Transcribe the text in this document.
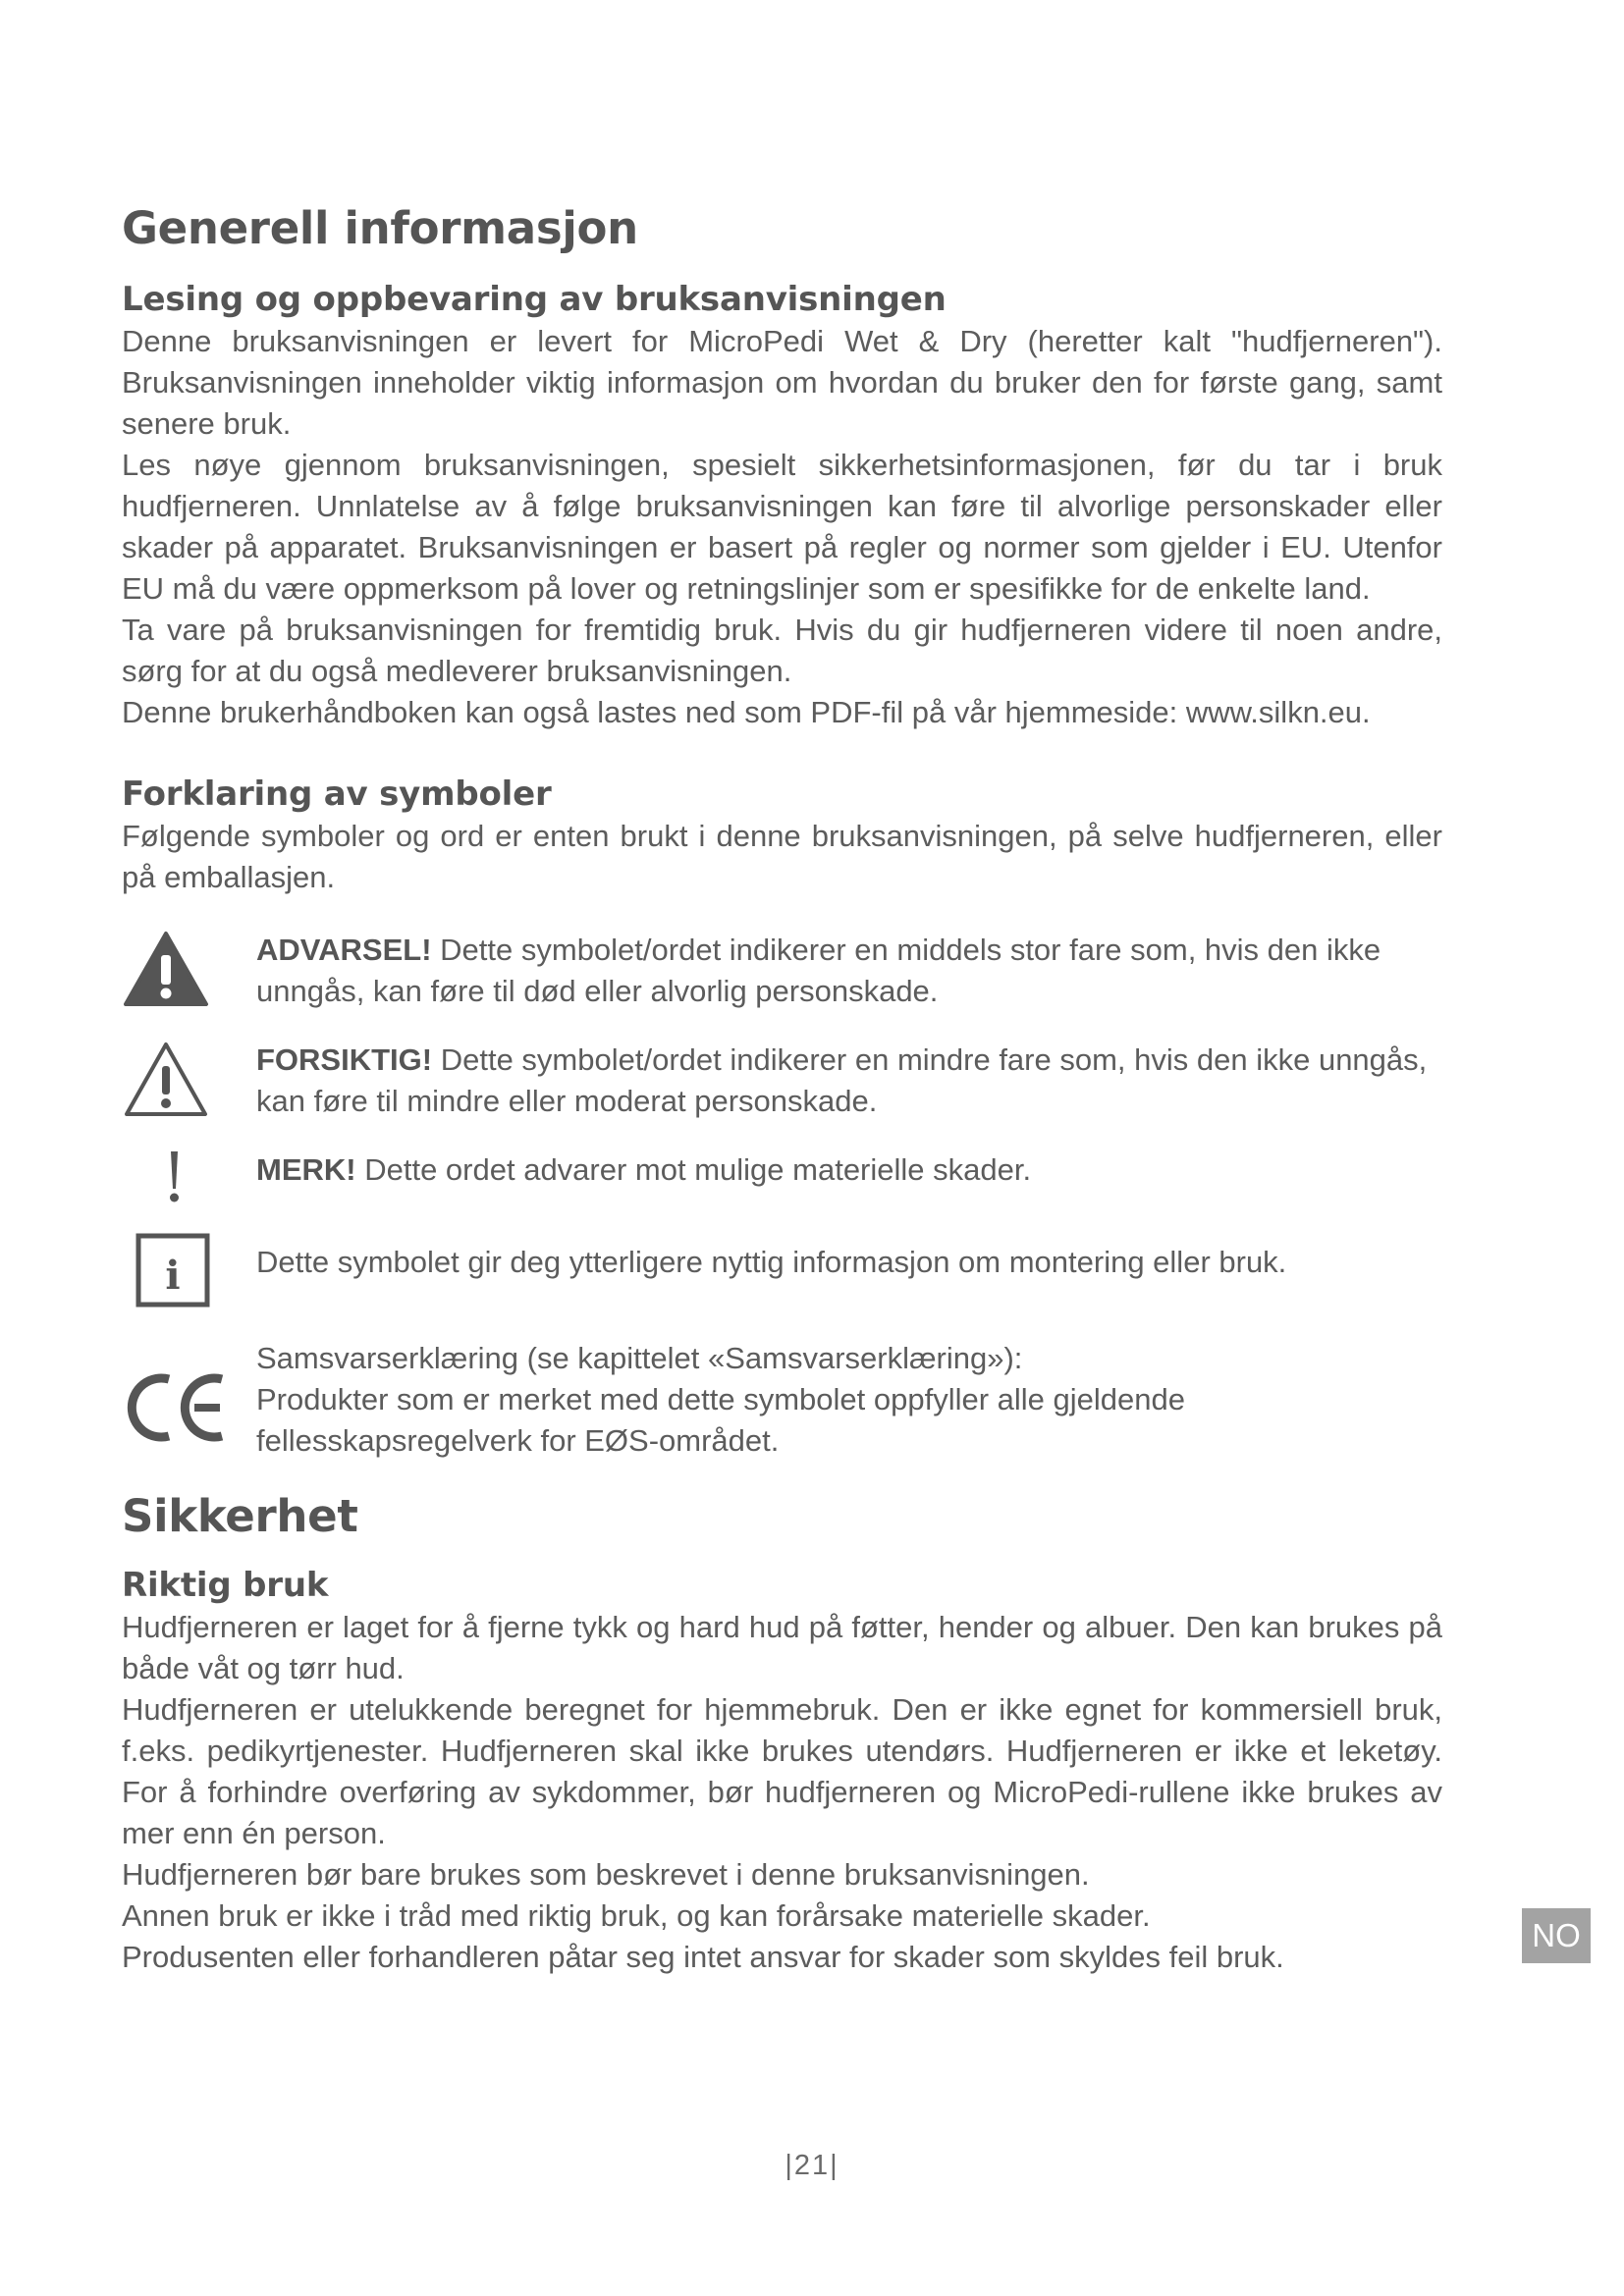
Generell informasjon
Lesing og oppbevaring av bruksanvisningen

Denne bruksanvisningen er levert for MicroPedi Wet & Dry (heretter kalt "hudfjerneren"). Bruksanvisningen inneholder viktig informasjon om hvordan du bruker den for første gang, samt senere bruk.

Les nøye gjennom bruksanvisningen, spesielt sikkerhetsinformasjonen, før du tar i bruk hudfjerneren. Unnlatelse av å følge bruksanvisningen kan føre til alvorlige personskader eller skader på apparatet. Bruksanvisningen er basert på regler og normer som gjelder i EU. Utenfor EU må du være oppmerksom på lover og retningslinjer som er spesifikke for de enkelte land.

Ta vare på bruksanvisningen for fremtidig bruk. Hvis du gir hudfjerneren videre til noen andre, sørg for at du også medleverer bruksanvisningen.

Denne brukerhåndboken kan også lastes ned som PDF-fil på vår hjemmeside: www.silkn.eu.

Forklaring av symboler

Følgende symboler og ord er enten brukt i denne bruksanvisningen, på selve hudfjerneren, eller på emballasjen.

ADVARSEL! Dette symbolet/ordet indikerer en middels stor fare som, hvis den ikke unngås, kan føre til død eller alvorlig personskade.

FORSIKTIG! Dette symbolet/ordet indikerer en mindre fare som, hvis den ikke unngås, kan føre til mindre eller moderat personskade.

MERK! Dette ordet advarer mot mulige materielle skader.

i Dette symbolet gir deg ytterligere nyttig informasjon om montering eller bruk.

Samsvarserklæring (se kapittelet «Samsvarserklæring»):

Produkter som er merket med dette symbolet oppfyller alle gjeldende fellesskapsregelverk for EØS-området.

Sikkerhet
Riktig bruk

Hudfjerneren er laget for å fjerne tykk og hard hud på føtter, hender og albuer. Den kan brukes på både våt og tørr hud.

Hudfjerneren er utelukkende beregnet for hjemmebruk. Den er ikke egnet for kommersiell bruk, f.eks. pedikyrtjenester. Hudfjerneren skal ikke brukes utendørs. Hudfjerneren er ikke et leketøy. For å forhindre overføring av sykdommer, bør hudfjerneren og MicroPedi-rullene ikke brukes av mer enn én person.

Hudfjerneren bør bare brukes som beskrevet i denne bruksanvisningen.

Annen bruk er ikke i tråd med riktig bruk, og kan forårsake materielle skader.

Produsenten eller forhandleren påtar seg intet ansvar for skader som skyldes feil bruk.

NO
|21|
